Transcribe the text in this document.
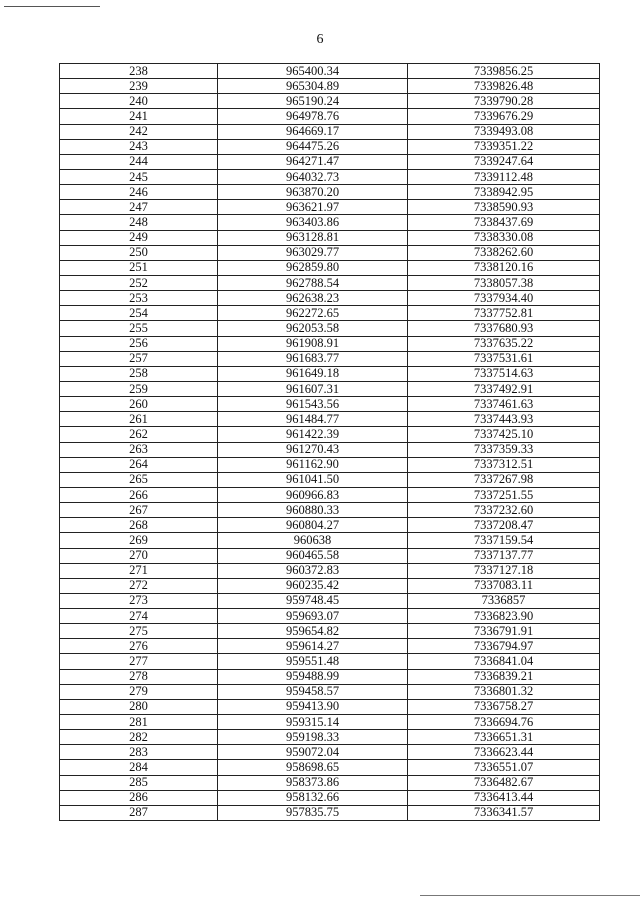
6
238	965400.34	7339856.25
239	965304.89	7339826.48
240	965190.24	7339790.28
241	964978.76	7339676.29
242	964669.17	7339493.08
243	964475.26	7339351.22
244	964271.47	7339247.64
245	964032.73	7339112.48
246	963870.20	7338942.95
247	963621.97	7338590.93
248	963403.86	7338437.69
249	963128.81	7338330.08
250	963029.77	7338262.60
251	962859.80	7338120.16
252	962788.54	7338057.38
253	962638.23	7337934.40
254	962272.65	7337752.81
255	962053.58	7337680.93
256	961908.91	7337635.22
257	961683.77	7337531.61
258	961649.18	7337514.63
259	961607.31	7337492.91
260	961543.56	7337461.63
261	961484.77	7337443.93
262	961422.39	7337425.10
263	961270.43	7337359.33
264	961162.90	7337312.51
265	961041.50	7337267.98
266	960966.83	7337251.55
267	960880.33	7337232.60
268	960804.27	7337208.47
269	960638	7337159.54
270	960465.58	7337137.77
271	960372.83	7337127.18
272	960235.42	7337083.11
273	959748.45	7336857
274	959693.07	7336823.90
275	959654.82	7336791.91
276	959614.27	7336794.97
277	959551.48	7336841.04
278	959488.99	7336839.21
279	959458.57	7336801.32
280	959413.90	7336758.27
281	959315.14	7336694.76
282	959198.33	7336651.31
283	959072.04	7336623.44
284	958698.65	7336551.07
285	958373.86	7336482.67
286	958132.66	7336413.44
287	957835.75	7336341.57
